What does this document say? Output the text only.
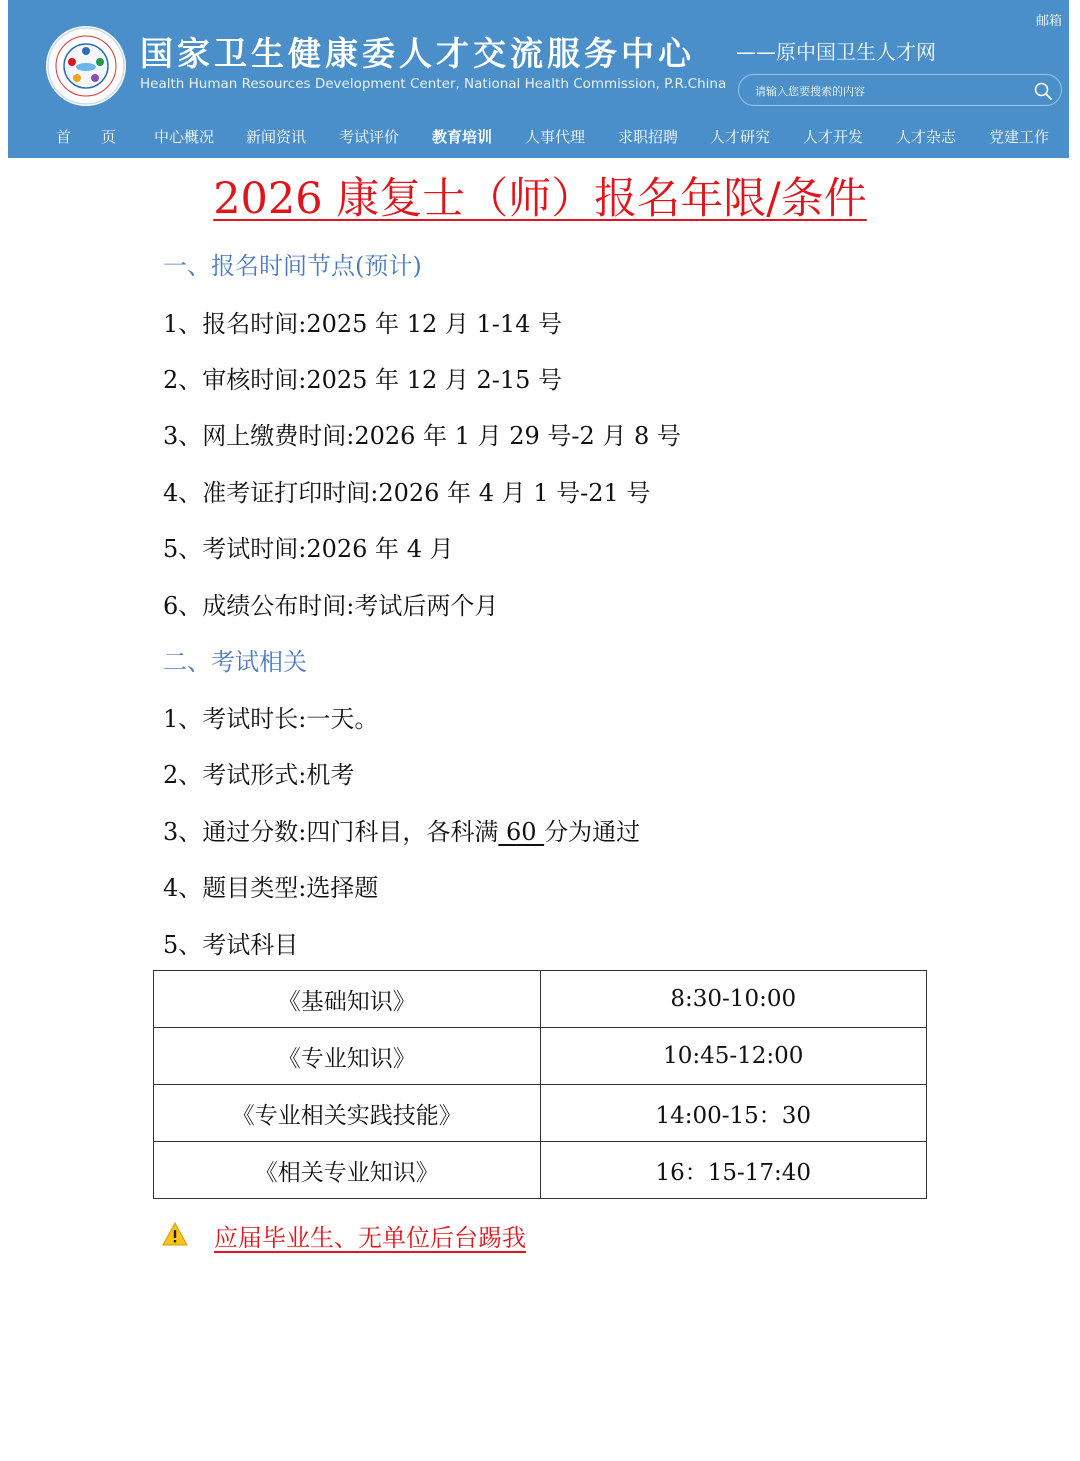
国家卫生健康委人才交流服务中心
Health Human Resources Development Center, National Health Commission, P.R.China
——原中国卫生人才网
邮箱
请输入您要搜索的内容
首　　页	中心概况 新闻资讯 考试评价 教育培训 人事代理 求职招聘 人才研究 人才开发 人才杂志 党建工作
2026 康复士（师）报名年限/条件
一、报名时间节点(预计)
1、报名时间:2025 年 12 月 1-14 号
2、审核时间:2025 年 12 月 2-15 号
3、网上缴费时间:2026 年 1 月 29 号-2 月 8 号
4、准考证打印时间:2026 年 4 月 1 号-21 号
5、考试时间:2026 年 4 月
6、成绩公布时间:考试后两个月
二、考试相关
1、考试时长:一天。
2、考试形式:机考
3、通过分数:四门科目，各科满 60 分为通过
4、题目类型:选择题
5、考试科目
《基础知识》	8:30-10:00
《专业知识》	10:45-12:00
《专业相关实践技能》	14:00-15：30
《相关专业知识》	16：15-17:40
应届毕业生、无单位后台踢我
